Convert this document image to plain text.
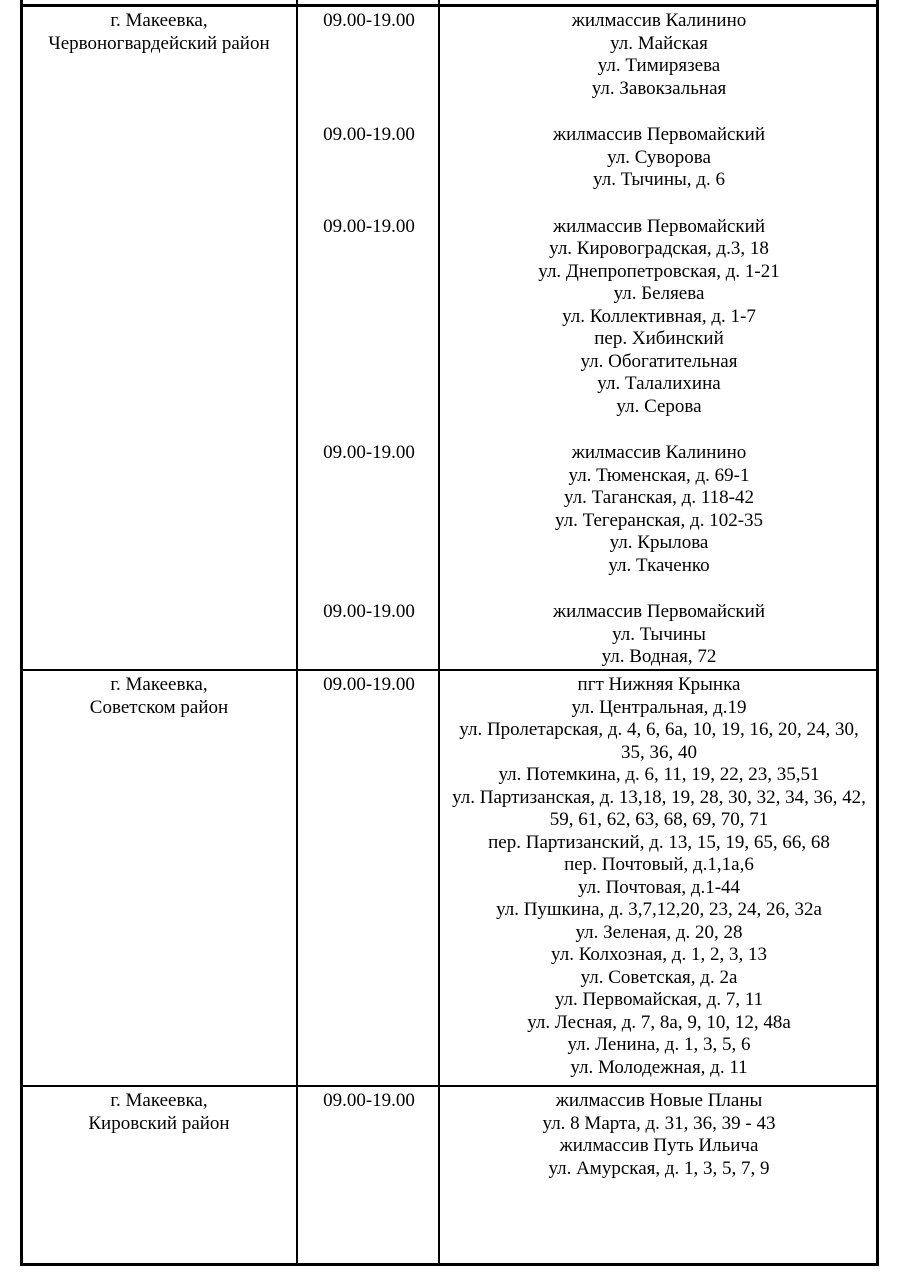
г. Макеевка,
Червоногвардейский район
09.00-19.00	жилмассив Калинино
ул. Майская
ул. Тимирязева
ул. Завокзальная
09.00-19.00	жилмассив Первомайский
ул. Суворова
ул. Тычины, д. 6
09.00-19.00	жилмассив Первомайский
ул. Кировоградская, д.3, 18
ул. Днепропетровская, д. 1-21
ул. Беляева
ул. Коллективная, д. 1-7
пер. Хибинский
ул. Обогатительная
ул. Талалихина
ул. Серова
09.00-19.00	жилмассив Калинино
ул. Тюменская, д. 69-1
ул. Таганская, д. 118-42
ул. Тегеранская, д. 102-35
ул. Крылова
ул. Ткаченко
09.00-19.00	жилмассив Первомайский
ул. Тычины
ул. Водная, 72
г. Макеевка,
Советском район
09.00-19.00	пгт Нижняя Крынка
ул. Центральная, д.19
ул. Пролетарская, д. 4, 6, 6а, 10, 19, 16, 20, 24, 30,
35, 36, 40
ул. Потемкина, д. 6, 11, 19, 22, 23, 35,51
ул. Партизанская, д. 13,18, 19, 28, 30, 32, 34, 36, 42,
59, 61, 62, 63, 68, 69, 70, 71
пер. Партизанский, д. 13, 15, 19, 65, 66, 68
пер. Почтовый, д.1,1а,6
ул. Почтовая, д.1-44
ул. Пушкина, д. 3,7,12,20, 23, 24, 26, 32а
ул. Зеленая, д. 20, 28
ул. Колхозная, д. 1, 2, 3, 13
ул. Советская, д. 2а
ул. Первомайская, д. 7, 11
ул. Лесная, д. 7, 8а, 9, 10, 12, 48а
ул. Ленина, д. 1, 3, 5, 6
ул. Молодежная, д. 11
г. Макеевка,
Кировский район
09.00-19.00	жилмассив Новые Планы
ул. 8 Марта, д. 31, 36, 39 - 43
жилмассив Путь Ильича
ул. Амурская, д. 1, 3, 5, 7, 9
